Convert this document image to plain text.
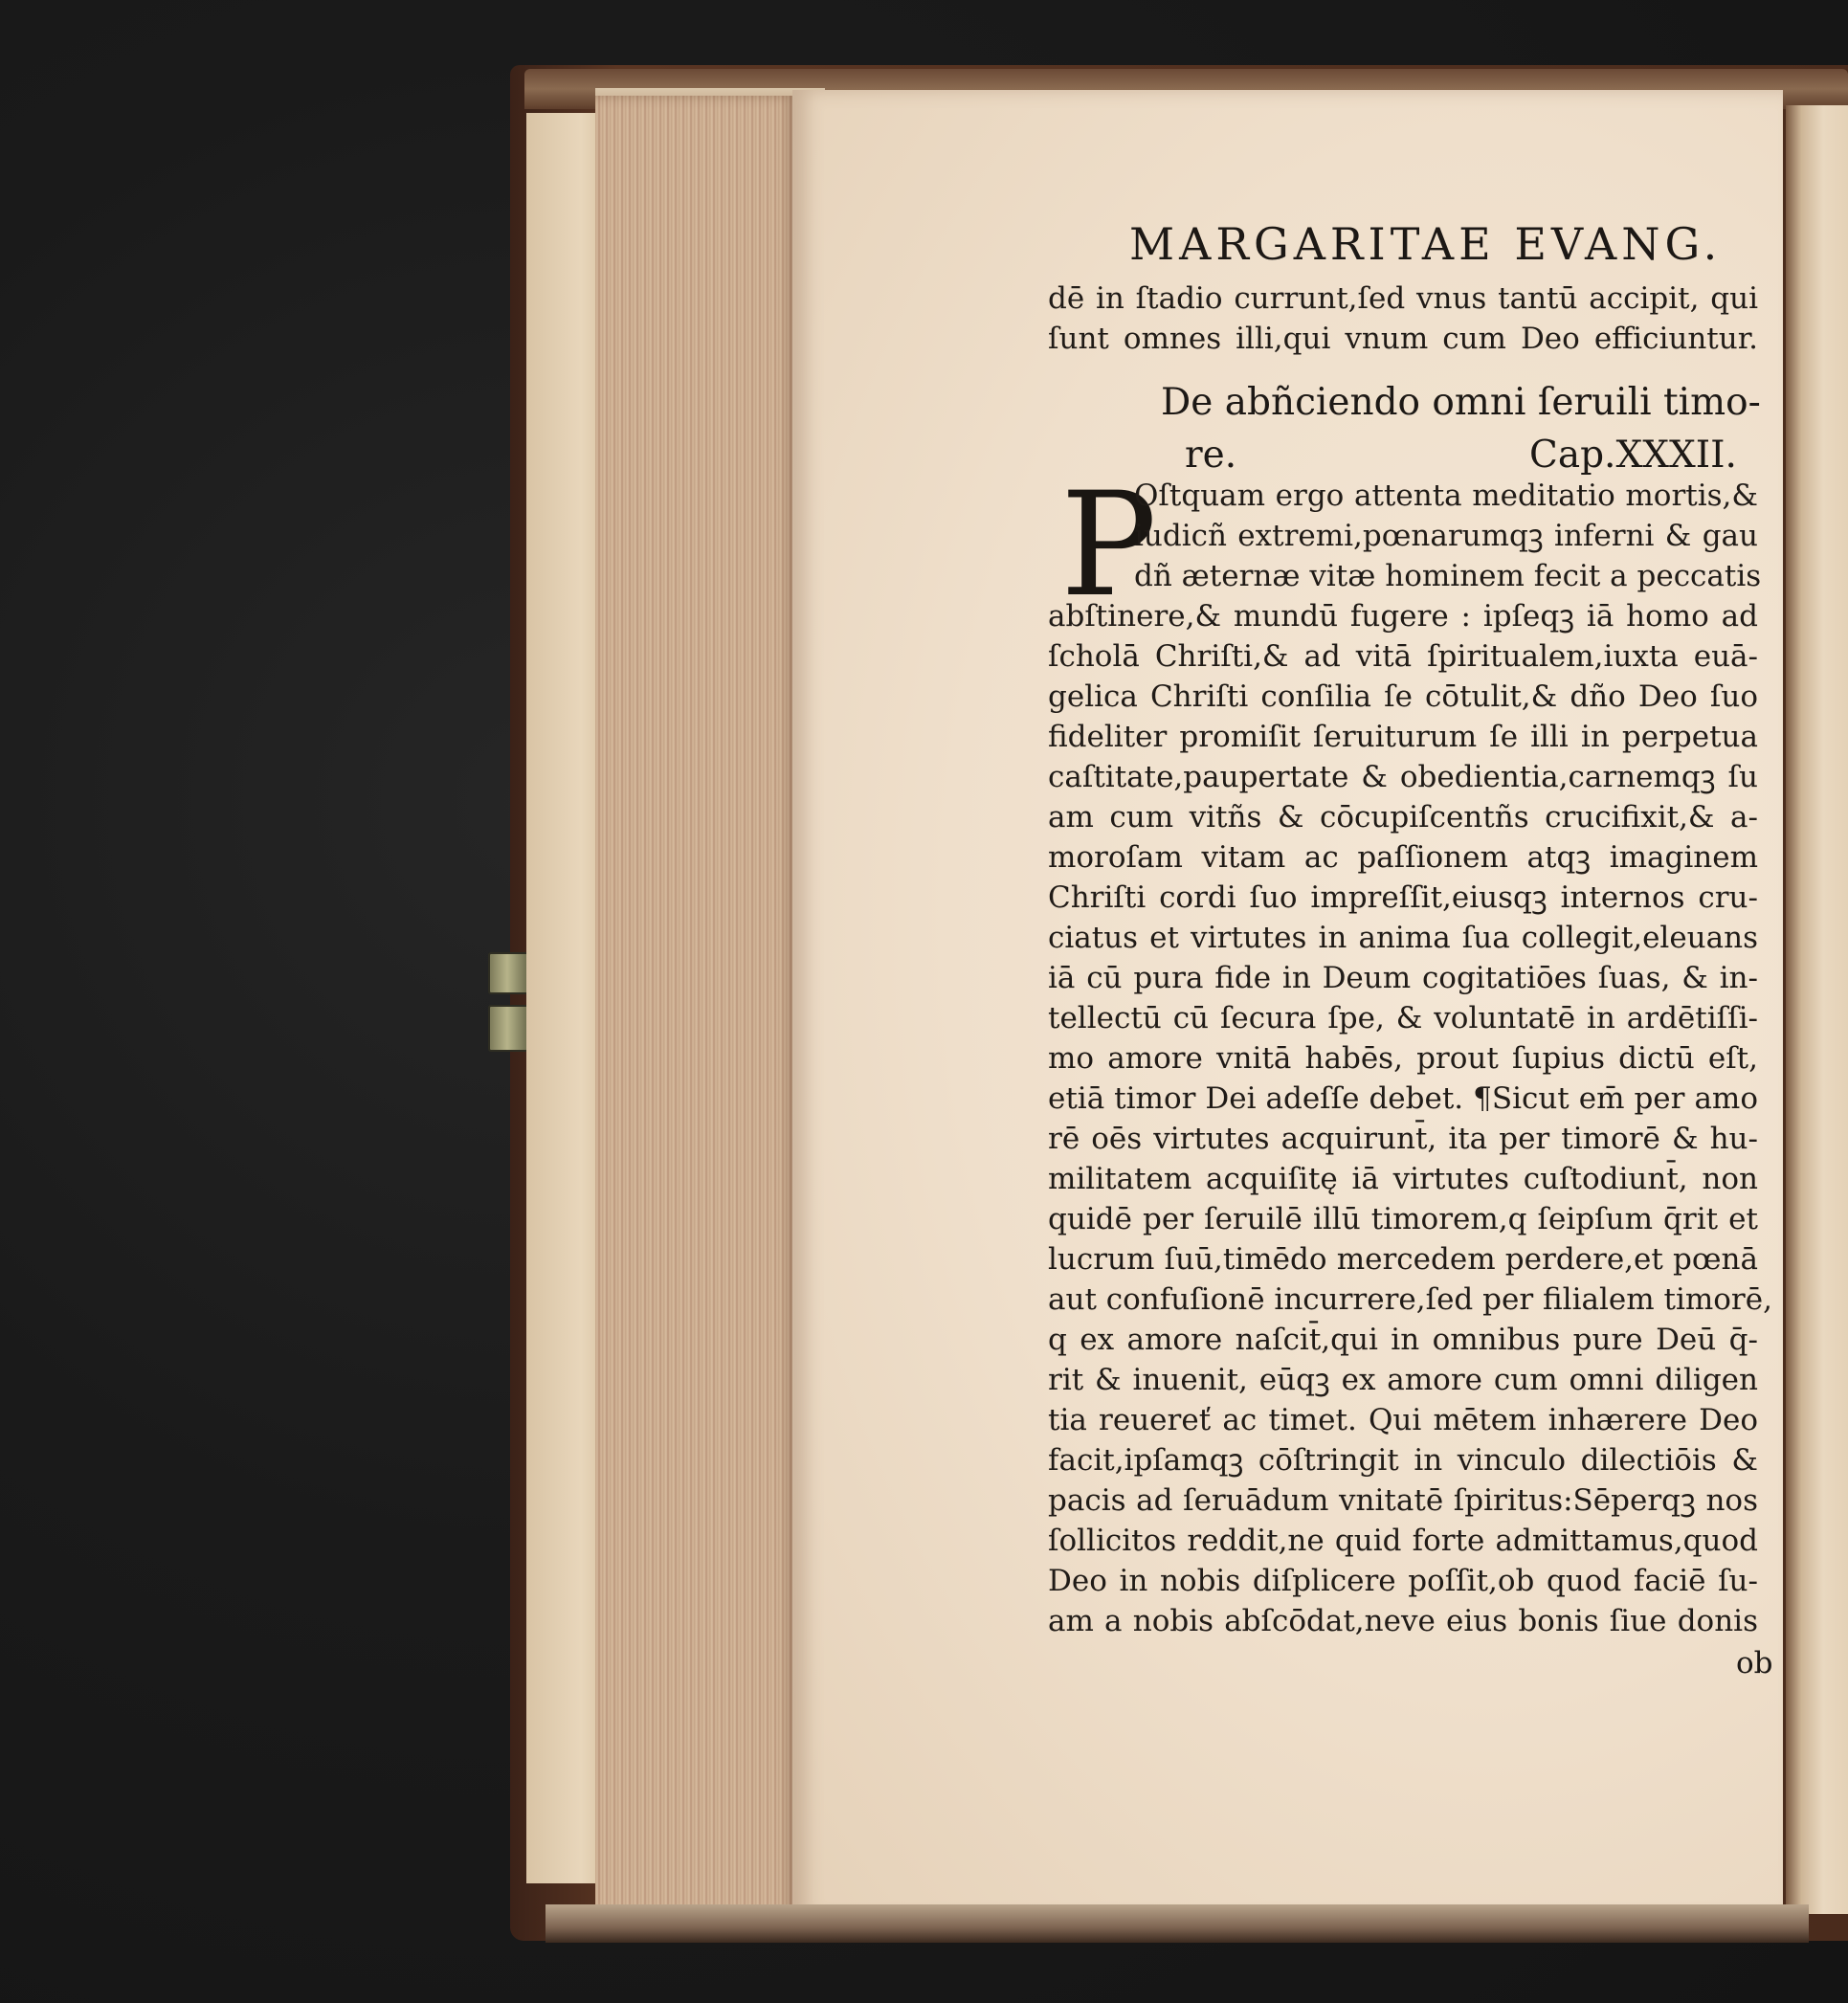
MARGARITAE EVANG.
dē in ſtadio currunt,ſed vnus tantū accipit, qui
ſunt omnes illi,qui vnum cum Deo efficiuntur.
De abñciendo omni ſeruili timo-
re.	Cap.XXXII.
P
Oſtquam ergo attenta meditatio mortis,&
iudicñ extremi,pœnarumqꝫ inferni & gau
dñ æternæ vitæ hominem fecit a peccatis
abſtinere,& mundū fugere : ipſeqꝫ iā homo ad
ſcholā Chriſti,& ad vitā ſpiritualem,iuxta euā-
gelica Chriſti conſilia ſe cōtulit,& dño Deo ſuo
fideliter promiſit ſeruiturum ſe illi in perpetua
caſtitate,paupertate & obedientia,carnemqꝫ ſu
am cum vitñs & cōcupiſcentñs crucifixit,& a-
moroſam vitam ac paſſionem atqꝫ imaginem
Chriſti cordi ſuo impreſſit,eiusqꝫ internos cru-
ciatus et virtutes in anima ſua collegit,eleuans
iā cū pura fide in Deum cogitatiōes ſuas, & in-
tellectū cū ſecura ſpe, & voluntatē in ardētiſſi-
mo amore vnitā habēs, prout ſupius dictū eſt,
etiā timor Dei adeſſe debet. ¶Sicut em̄ per amo
rē oēs virtutes acquirunt̄, ita per timorē & hu-
militatem acquiſitę iā virtutes cuſtodiunt̄, non
quidē per ſeruilē illū timorem,q ſeipſum q̄rit et
lucrum ſuū,timēdo mercedem perdere,et pœnā
aut confuſionē incurrere,ſed per filialem timorē,
q ex amore naſcit̄,qui in omnibus pure Deū q̄-
rit & inuenit, eūqꝫ ex amore cum omni diligen
tia reuereť ac timet. Qui mētem inhærere Deo
facit,ipſamqꝫ cōſtringit in vinculo dilectiōis &
pacis ad ſeruādum vnitatē ſpiritus:Sēperqꝫ nos
ſollicitos reddit,ne quid forte admittamus,quod
Deo in nobis diſplicere poſſit,ob quod faciē ſu-
am a nobis abſcōdat,neve eius bonis ſiue donis
ob
